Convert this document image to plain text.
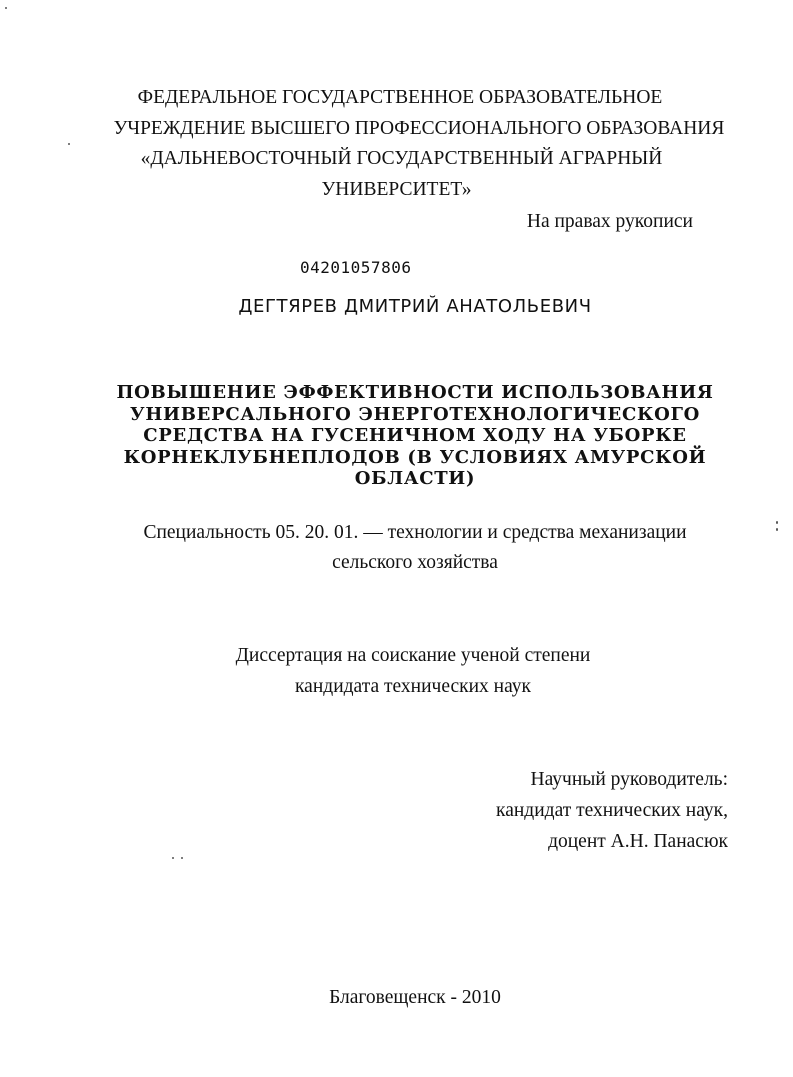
ФЕДЕРАЛЬНОЕ ГОСУДАРСТВЕННОЕ ОБРАЗОВАТЕЛЬНОЕ
УЧРЕЖДЕНИЕ ВЫСШЕГО ПРОФЕССИОНАЛЬНОГО ОБРАЗОВАНИЯ
«ДАЛЬНЕВОСТОЧНЫЙ ГОСУДАРСТВЕННЫЙ АГРАРНЫЙ
УНИВЕРСИТЕТ»
На правах рукописи
04201057806
ДЕГТЯРЕВ ДМИТРИЙ АНАТОЛЬЕВИЧ
ПОВЫШЕНИЕ ЭФФЕКТИВНОСТИ ИСПОЛЬЗОВАНИЯ
УНИВЕРСАЛЬНОГО ЭНЕРГОТЕХНОЛОГИЧЕСКОГО
СРЕДСТВА НА ГУСЕНИЧНОМ ХОДУ НА УБОРКЕ
КОРНЕКЛУБНЕПЛОДОВ (В УСЛОВИЯХ АМУРСКОЙ
ОБЛАСТИ)
Специальность 05. 20. 01. — технологии и средства механизации
сельского хозяйства
Диссертация на соискание ученой степени
кандидата технических наук
Научный руководитель:
кандидат технических наук,
доцент А.Н. Панасюк
Благовещенск - 2010
